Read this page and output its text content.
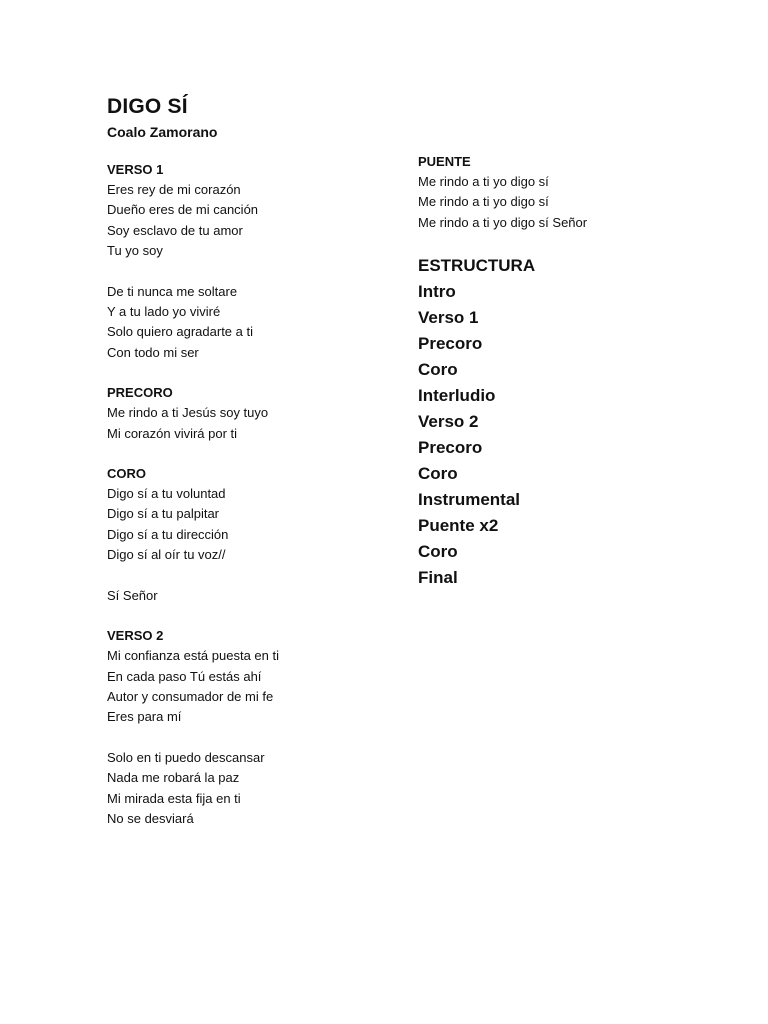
DIGO SÍ
Coalo Zamorano
VERSO 1
Eres rey de mi corazón
Dueño eres de mi canción
Soy esclavo de tu amor
Tu yo soy
De ti nunca me soltare
Y a tu lado yo viviré
Solo quiero agradarte a ti
Con todo mi ser
PRECORO
Me rindo a ti Jesús soy tuyo
Mi corazón vivirá por ti
CORO
Digo sí a tu voluntad
Digo sí a tu palpitar
Digo sí a tu dirección
Digo sí al oír tu voz//
Sí Señor
VERSO 2
Mi confianza está puesta en ti
En cada paso Tú estás ahí
Autor y consumador de mi fe
Eres para mí
Solo en ti puedo descansar
Nada me robará la paz
Mi mirada esta fija en ti
No se desviará
PUENTE
Me rindo a ti yo digo sí
Me rindo a ti yo digo sí
Me rindo a ti yo digo sí Señor
ESTRUCTURA
Intro
Verso 1
Precoro
Coro
Interludio
Verso 2
Precoro
Coro
Instrumental
Puente x2
Coro
Final
